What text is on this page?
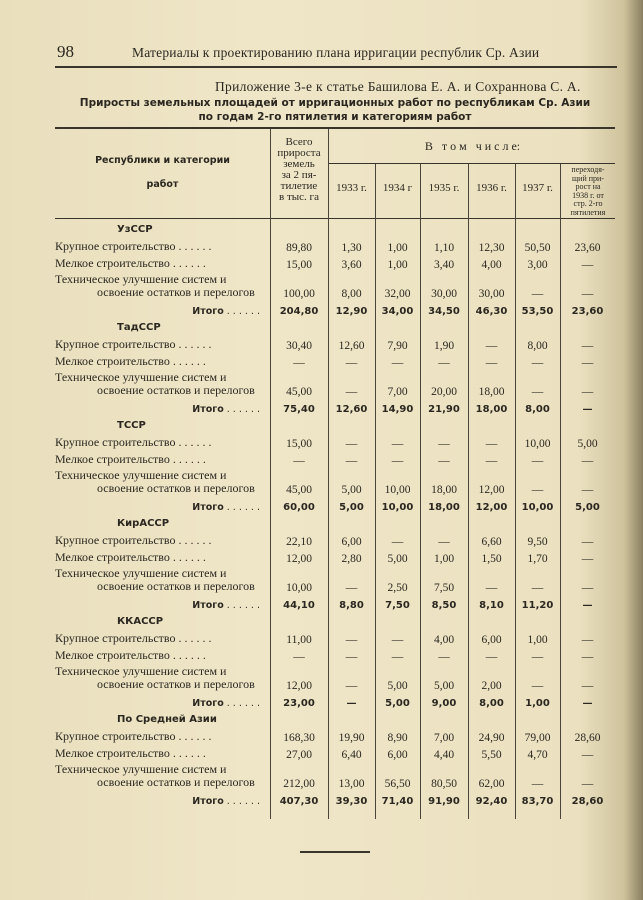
98	Материалы к проектированию плана ирригации республик Ср. Азии
Приложение 3-е к статье Башилова Е. А. и Сохраннова С. А.
Приросты земельных площадей от ирригационных работ по республикам Ср. Азии
по годам 2-го пятилетия и категориям работ
Республики и категории
работ
Всего
прироста
земель
за 2 пя-
тилетие
в тыс. га
В   т о м   ч и с л е:
1933 г.	1934 г	1935 г.	1936 г.	1937 г.
переходя-
щий при-
рост на
1938 г. от
стр. 2-го
пятилетия
УзССР
Крупное строительство . . .	89,80	1,30	1,00	1,10	12,30	50,50	23,60
Мелкое строительство . . .	15,00	3,60	1,00	3,40	4,00	3,00	—
Техническое улучшение систем и
освоение остатков и перелогов	100,00	8,00	32,00	30,00	30,00	—	—
Итого . . .	204,80	12,90	34,00	34,50	46,30	53,50	23,60
ТадССР
Крупное строительство . . .	30,40	12,60	7,90	1,90	—	8,00	—
Мелкое строительство . . .	—	—	—	—	—	—	—
Техническое улучшение систем и
освоение остатков и перелогов	45,00	—	7,00	20,00	18,00	—	—
Итого . . .	75,40	12,60	14,90	21,90	18,00	8,00	—
ТССР
Крупное строительство . . .	15,00	—	—	—	—	10,00	5,00
Мелкое строительство . . .	—	—	—	—	—	—	—
Техническое улучшение систем и
освоение остатков и перелогов	45,00	5,00	10,00	18,00	12,00	—	—
Итого . . .	60,00	5,00	10,00	18,00	12,00	10,00	5,00
КирАССР
Крупное строительство . . .	22,10	6,00	—	—	6,60	9,50	—
Мелкое строительство . . .	12,00	2,80	5,00	1,00	1,50	1,70	—
Техническое улучшение систем и
освоение остатков и перелогов	10,00	—	2,50	7,50	—	—	—
Итого . . .	44,10	8,80	7,50	8,50	8,10	11,20	—
ККАССР
Крупное строительство . . .	11,00	—	—	4,00	6,00	1,00	—
Мелкое строительство . . .	—	—	—	—	—	—	—
Техническое улучшение систем и
освоение остатков и перелогов	12,00	—	5,00	5,00	2,00	—	—
Итого . . .	23,00	—	5,00	9,00	8,00	1,00	—
По Средней Азии
Крупное строительство . . .	168,30	19,90	8,90	7,00	24,90	79,00	28,60
Мелкое строительство . . .	27,00	6,40	6,00	4,40	5,50	4,70	—
Техническое улучшение систем и
освоение остатков и перелогов	212,00	13,00	56,50	80,50	62,00	—	—
Итого . . .	407,30	39,30	71,40	91,90	92,40	83,70	28,60
